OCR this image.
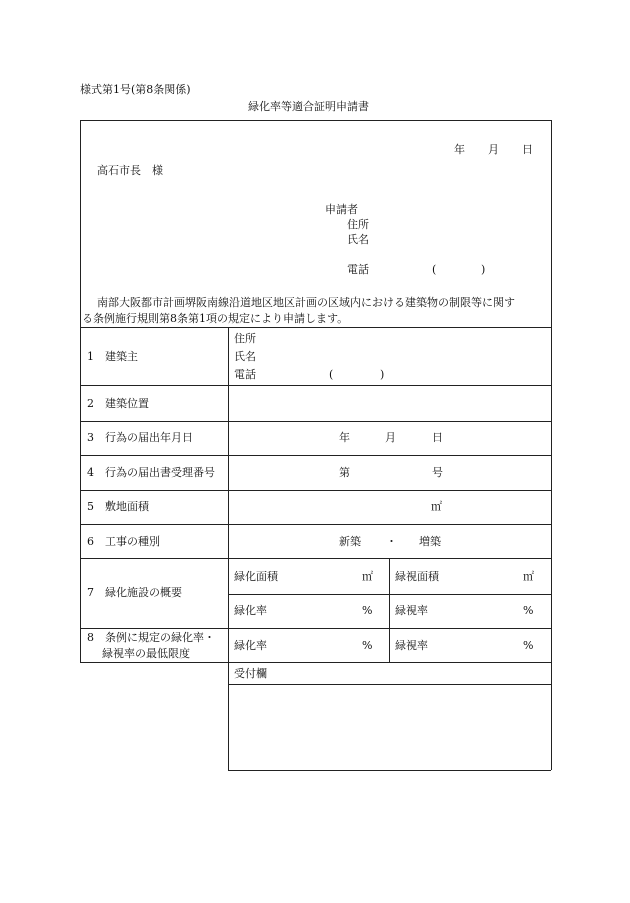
様式第1号(第8条関係)
緑化率等適合証明申請書
年 月 日
高石市長　様
申請者
住所
氏名
電話	(	)
南部大阪都市計画堺阪南線沿道地区地区計画の区域内における建築物の制限等に関す
る条例施行規則第8条第1項の規定により申請します。
1　建築主
住所
氏名
電話	(	)
2　建築位置
3　行為の届出年月日	年	月	日
4　行為の届出書受理番号	第	号
5　敷地面積	㎡
6　工事の種別	新築 ・ 増築
7　緑化施設の概要
緑化面積	㎡ 緑視面積	㎡
緑化率	% 緑視率	%
8　条例に規定の緑化率・
緑視率の最低限度
緑化率	% 緑視率	%
受付欄
